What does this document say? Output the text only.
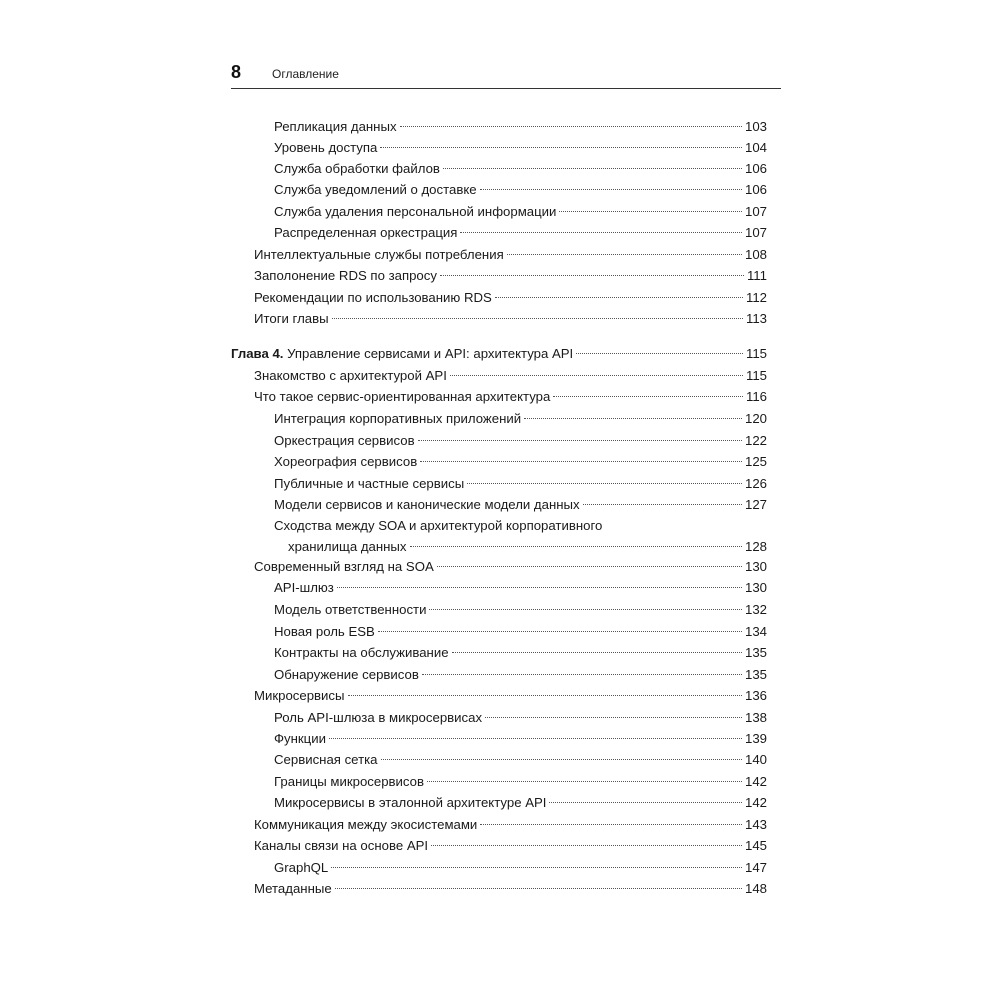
8	Оглавление
Репликация данных	103
Уровень доступа	104
Служба обработки файлов	106
Служба уведомлений о доставке	106
Служба удаления персональной информации	107
Распределенная оркестрация	107
Интеллектуальные службы потребления	108
Заполонение RDS по запросу	111
Рекомендации по использованию RDS	112
Итоги главы	113
Глава 4. Управление сервисами и API: архитектура API	115
Знакомство с архитектурой API	115
Что такое сервис-ориентированная архитектура	116
Интеграция корпоративных приложений	120
Оркестрация сервисов	122
Хореография сервисов	125
Публичные и частные сервисы	126
Модели сервисов и канонические модели данных	127
Сходства между SOA и архитектурой корпоративного
хранилища данных	128
Современный взгляд на SOA	130
API-шлюз	130
Модель ответственности	132
Новая роль ESB	134
Контракты на обслуживание	135
Обнаружение сервисов	135
Микросервисы	136
Роль API-шлюза в микросервисах	138
Функции	139
Сервисная сетка	140
Границы микросервисов	142
Микросервисы в эталонной архитектуре API	142
Коммуникация между экосистемами	143
Каналы связи на основе API	145
GraphQL	147
Метаданные	148
